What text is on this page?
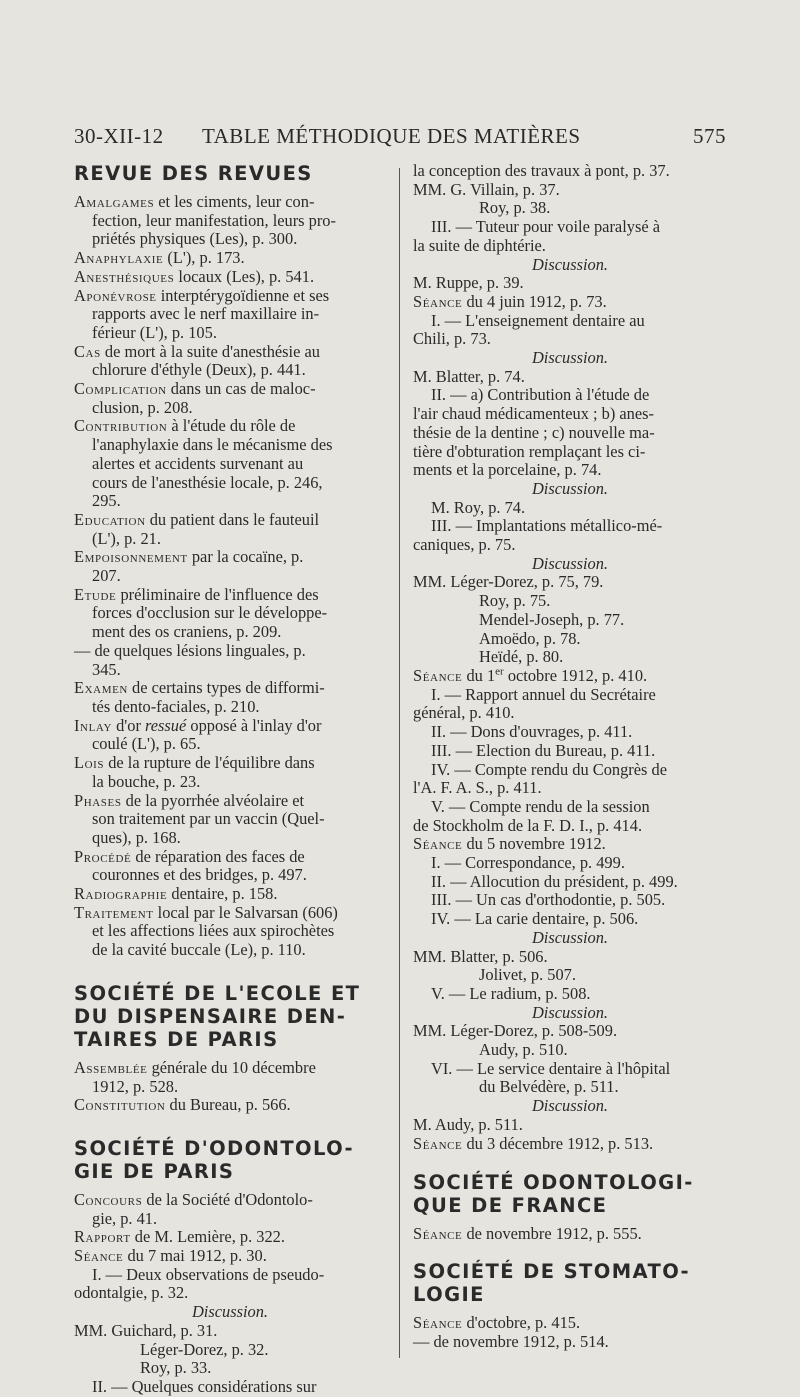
30-XII-12 TABLE MÉTHODIQUE DES MATIÈRES	575
REVUE DES REVUES
Amalgames et les ciments, leur con-
fection, leur manifestation, leurs pro-
priétés physiques (Les), p. 300.
Anaphylaxie (L'), p. 173.
Anesthésiques locaux (Les), p. 541.
Aponévrose interptérygoïdienne et ses
rapports avec le nerf maxillaire in-
férieur (L'), p. 105.
Cas de mort à la suite d'anesthésie au
chlorure d'éthyle (Deux), p. 441.
Complication dans un cas de maloc-
clusion, p. 208.
Contribution à l'étude du rôle de
l'anaphylaxie dans le mécanisme des
alertes et accidents survenant au
cours de l'anesthésie locale, p. 246,
295.
Education du patient dans le fauteuil
(L'), p. 21.
Empoisonnement par la cocaïne, p.
207.
Etude préliminaire de l'influence des
forces d'occlusion sur le développe-
ment des os craniens, p. 209.
— de quelques lésions linguales, p.
345.
Examen de certains types de difformi-
tés dento-faciales, p. 210.
Inlay d'or ressué opposé à l'inlay d'or
coulé (L'), p. 65.
Lois de la rupture de l'équilibre dans
la bouche, p. 23.
Phases de la pyorrhée alvéolaire et
son traitement par un vaccin (Quel-
ques), p. 168.
Procédé de réparation des faces de
couronnes et des bridges, p. 497.
Radiographie dentaire, p. 158.
Traitement local par le Salvarsan (606)
et les affections liées aux spirochètes
de la cavité buccale (Le), p. 110.
SOCIÉTÉ DE L'ECOLE ET
DU DISPENSAIRE DEN-
TAIRES DE PARIS
Assemblée générale du 10 décembre
1912, p. 528.
Constitution du Bureau, p. 566.
SOCIÉTÉ D'ODONTOLO-
GIE DE PARIS
Concours de la Société d'Odontolo-
gie, p. 41.
Rapport de M. Lemière, p. 322.
Séance du 7 mai 1912, p. 30.
I. — Deux observations de pseudo-
odontalgie, p. 32.
Discussion.
MM. Guichard, p. 31.
Léger-Dorez, p. 32.
Roy, p. 33.
II. — Quelques considérations sur
la conception des travaux à pont, p. 37.
MM. G. Villain, p. 37.
Roy, p. 38.
III. — Tuteur pour voile paralysé à
la suite de diphtérie.
Discussion.
M. Ruppe, p. 39.
Séance du 4 juin 1912, p. 73.
I. — L'enseignement dentaire au
Chili, p. 73.
Discussion.
M. Blatter, p. 74.
II. — a) Contribution à l'étude de
l'air chaud médicamenteux ; b) anes-
thésie de la dentine ; c) nouvelle ma-
tière d'obturation remplaçant les ci-
ments et la porcelaine, p. 74.
Discussion.
M. Roy, p. 74.
III. — Implantations métallico-mé-
caniques, p. 75.
Discussion.
MM. Léger-Dorez, p. 75, 79.
Roy, p. 75.
Mendel-Joseph, p. 77.
Amoëdo, p. 78.
Heïdé, p. 80.
Séance du 1er octobre 1912, p. 410.
I. — Rapport annuel du Secrétaire
général, p. 410.
II. — Dons d'ouvrages, p. 411.
III. — Election du Bureau, p. 411.
IV. — Compte rendu du Congrès de
l'A. F. A. S., p. 411.
V. — Compte rendu de la session
de Stockholm de la F. D. I., p. 414.
Séance du 5 novembre 1912.
I. — Correspondance, p. 499.
II. — Allocution du président, p. 499.
III. — Un cas d'orthodontie, p. 505.
IV. — La carie dentaire, p. 506.
Discussion.
MM. Blatter, p. 506.
Jolivet, p. 507.
V. — Le radium, p. 508.
Discussion.
MM. Léger-Dorez, p. 508-509.
Audy, p. 510.
VI. — Le service dentaire à l'hôpital
du Belvédère, p. 511.
Discussion.
M. Audy, p. 511.
Séance du 3 décembre 1912, p. 513.
SOCIÉTÉ ODONTOLOGI-
QUE DE FRANCE
Séance de novembre 1912, p. 555.
SOCIÉTÉ DE STOMATO-
LOGIE
Séance d'octobre, p. 415.
— de novembre 1912, p. 514.
